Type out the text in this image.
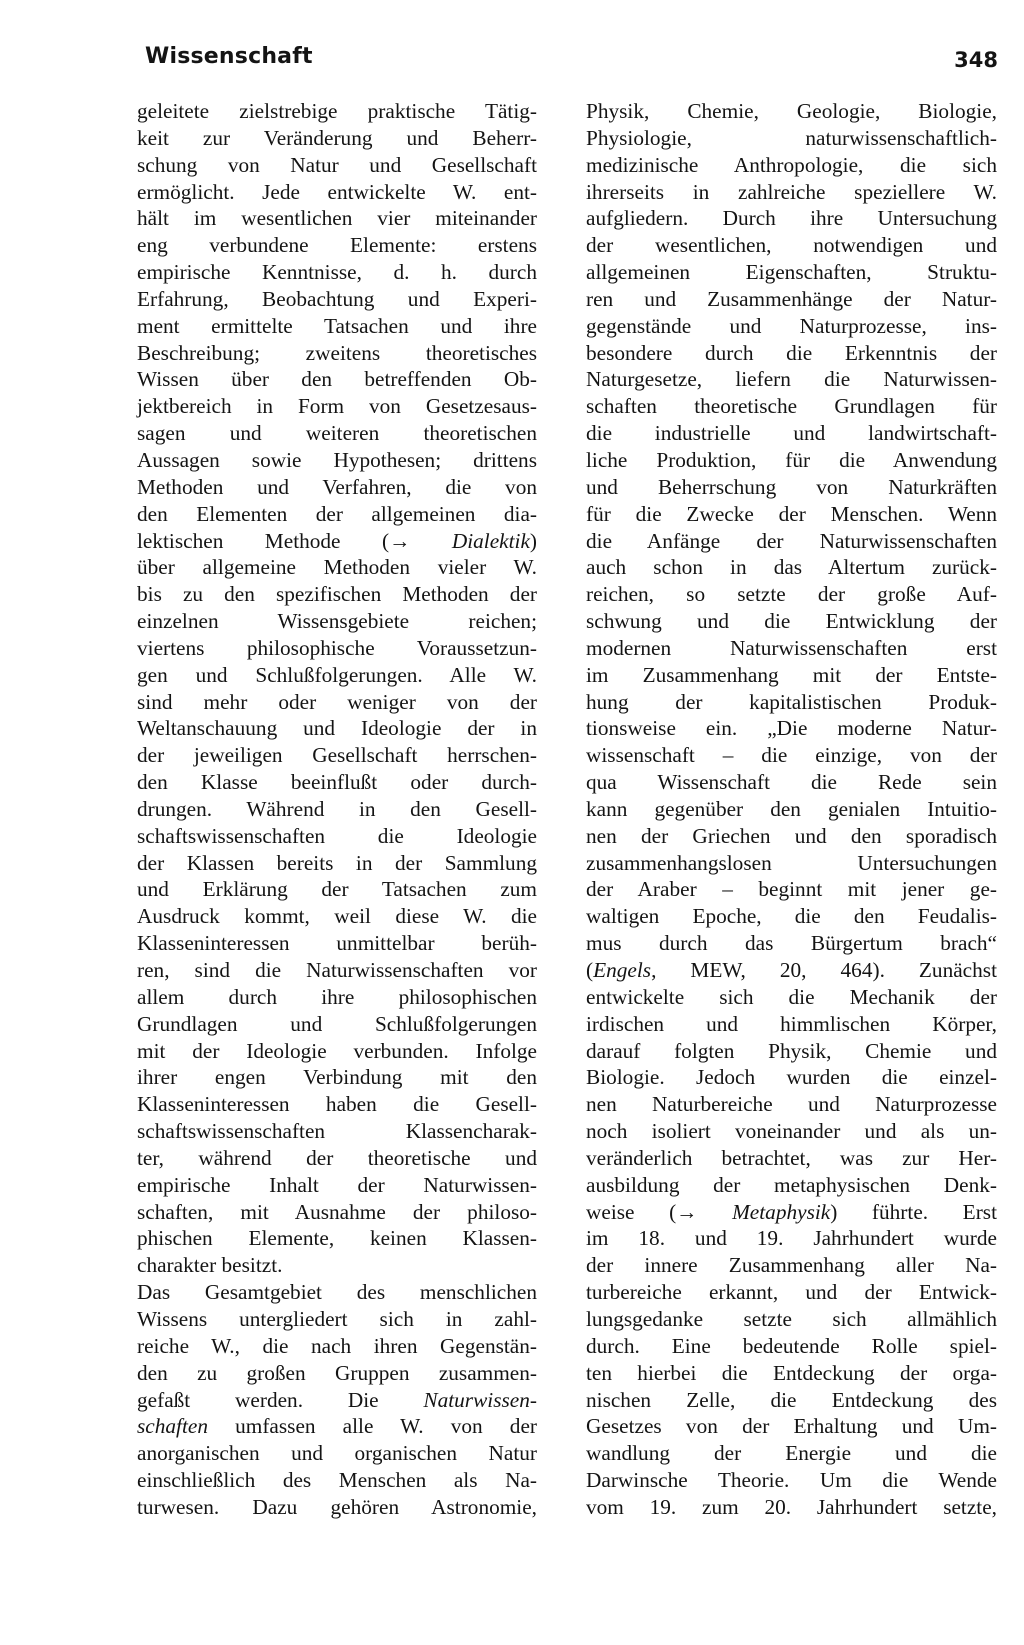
Wissenschaft	348
geleitete zielstrebige praktische Tätig-
keit zur Veränderung und Beherr-
schung von Natur und Gesellschaft
ermöglicht. Jede entwickelte W. ent-
hält im wesentlichen vier miteinander
eng verbundene Elemente: erstens
empirische Kenntnisse, d. h. durch
Erfahrung, Beobachtung und Experi-
ment ermittelte Tatsachen und ihre
Beschreibung; zweitens theoretisches
Wissen über den betreffenden Ob-
jektbereich in Form von Gesetzesaus-
sagen und weiteren theoretischen
Aussagen sowie Hypothesen; drittens
Methoden und Verfahren, die von
den Elementen der allgemeinen dia-
lektischen Methode (→ Dialektik)
über allgemeine Methoden vieler W.
bis zu den spezifischen Methoden der
einzelnen Wissensgebiete reichen;
viertens philosophische Voraussetzun-
gen und Schlußfolgerungen. Alle W.
sind mehr oder weniger von der
Weltanschauung und Ideologie der in
der jeweiligen Gesellschaft herrschen-
den Klasse beeinflußt oder durch-
drungen. Während in den Gesell-
schaftswissenschaften die Ideologie
der Klassen bereits in der Sammlung
und Erklärung der Tatsachen zum
Ausdruck kommt, weil diese W. die
Klasseninteressen unmittelbar berüh-
ren, sind die Naturwissenschaften vor
allem durch ihre philosophischen
Grundlagen und Schlußfolgerungen
mit der Ideologie verbunden. Infolge
ihrer engen Verbindung mit den
Klasseninteressen haben die Gesell-
schaftswissenschaften Klassencharak-
ter, während der theoretische und
empirische Inhalt der Naturwissen-
schaften, mit Ausnahme der philoso-
phischen Elemente, keinen Klassen-
charakter besitzt.
Das Gesamtgebiet des menschlichen
Wissens untergliedert sich in zahl-
reiche W., die nach ihren Gegenstän-
den zu großen Gruppen zusammen-
gefaßt werden. Die Naturwissen-
schaften umfassen alle W. von der
anorganischen und organischen Natur
einschließlich des Menschen als Na-
turwesen. Dazu gehören Astronomie,
Physik, Chemie, Geologie, Biologie,
Physiologie, naturwissenschaftlich-
medizinische Anthropologie, die sich
ihrerseits in zahlreiche speziellere W.
aufgliedern. Durch ihre Untersuchung
der wesentlichen, notwendigen und
allgemeinen Eigenschaften, Struktu-
ren und Zusammenhänge der Natur-
gegenstände und Naturprozesse, ins-
besondere durch die Erkenntnis der
Naturgesetze, liefern die Naturwissen-
schaften theoretische Grundlagen für
die industrielle und landwirtschaft-
liche Produktion, für die Anwendung
und Beherrschung von Naturkräften
für die Zwecke der Menschen. Wenn
die Anfänge der Naturwissenschaften
auch schon in das Altertum zurück-
reichen, so setzte der große Auf-
schwung und die Entwicklung der
modernen Naturwissenschaften erst
im Zusammenhang mit der Entste-
hung der kapitalistischen Produk-
tionsweise ein. „Die moderne Natur-
wissenschaft – die einzige, von der
qua Wissenschaft die Rede sein
kann gegenüber den genialen Intuitio-
nen der Griechen und den sporadisch
zusammenhangslosen Untersuchungen
der Araber – beginnt mit jener ge-
waltigen Epoche, die den Feudalis-
mus durch das Bürgertum brach“
(Engels, MEW, 20, 464). Zunächst
entwickelte sich die Mechanik der
irdischen und himmlischen Körper,
darauf folgten Physik, Chemie und
Biologie. Jedoch wurden die einzel-
nen Naturbereiche und Naturprozesse
noch isoliert voneinander und als un-
veränderlich betrachtet, was zur Her-
ausbildung der metaphysischen Denk-
weise (→ Metaphysik) führte. Erst
im 18. und 19. Jahrhundert wurde
der innere Zusammenhang aller Na-
turbereiche erkannt, und der Entwick-
lungsgedanke setzte sich allmählich
durch. Eine bedeutende Rolle spiel-
ten hierbei die Entdeckung der orga-
nischen Zelle, die Entdeckung des
Gesetzes von der Erhaltung und Um-
wandlung der Energie und die
Darwinsche Theorie. Um die Wende
vom 19. zum 20. Jahrhundert setzte,
